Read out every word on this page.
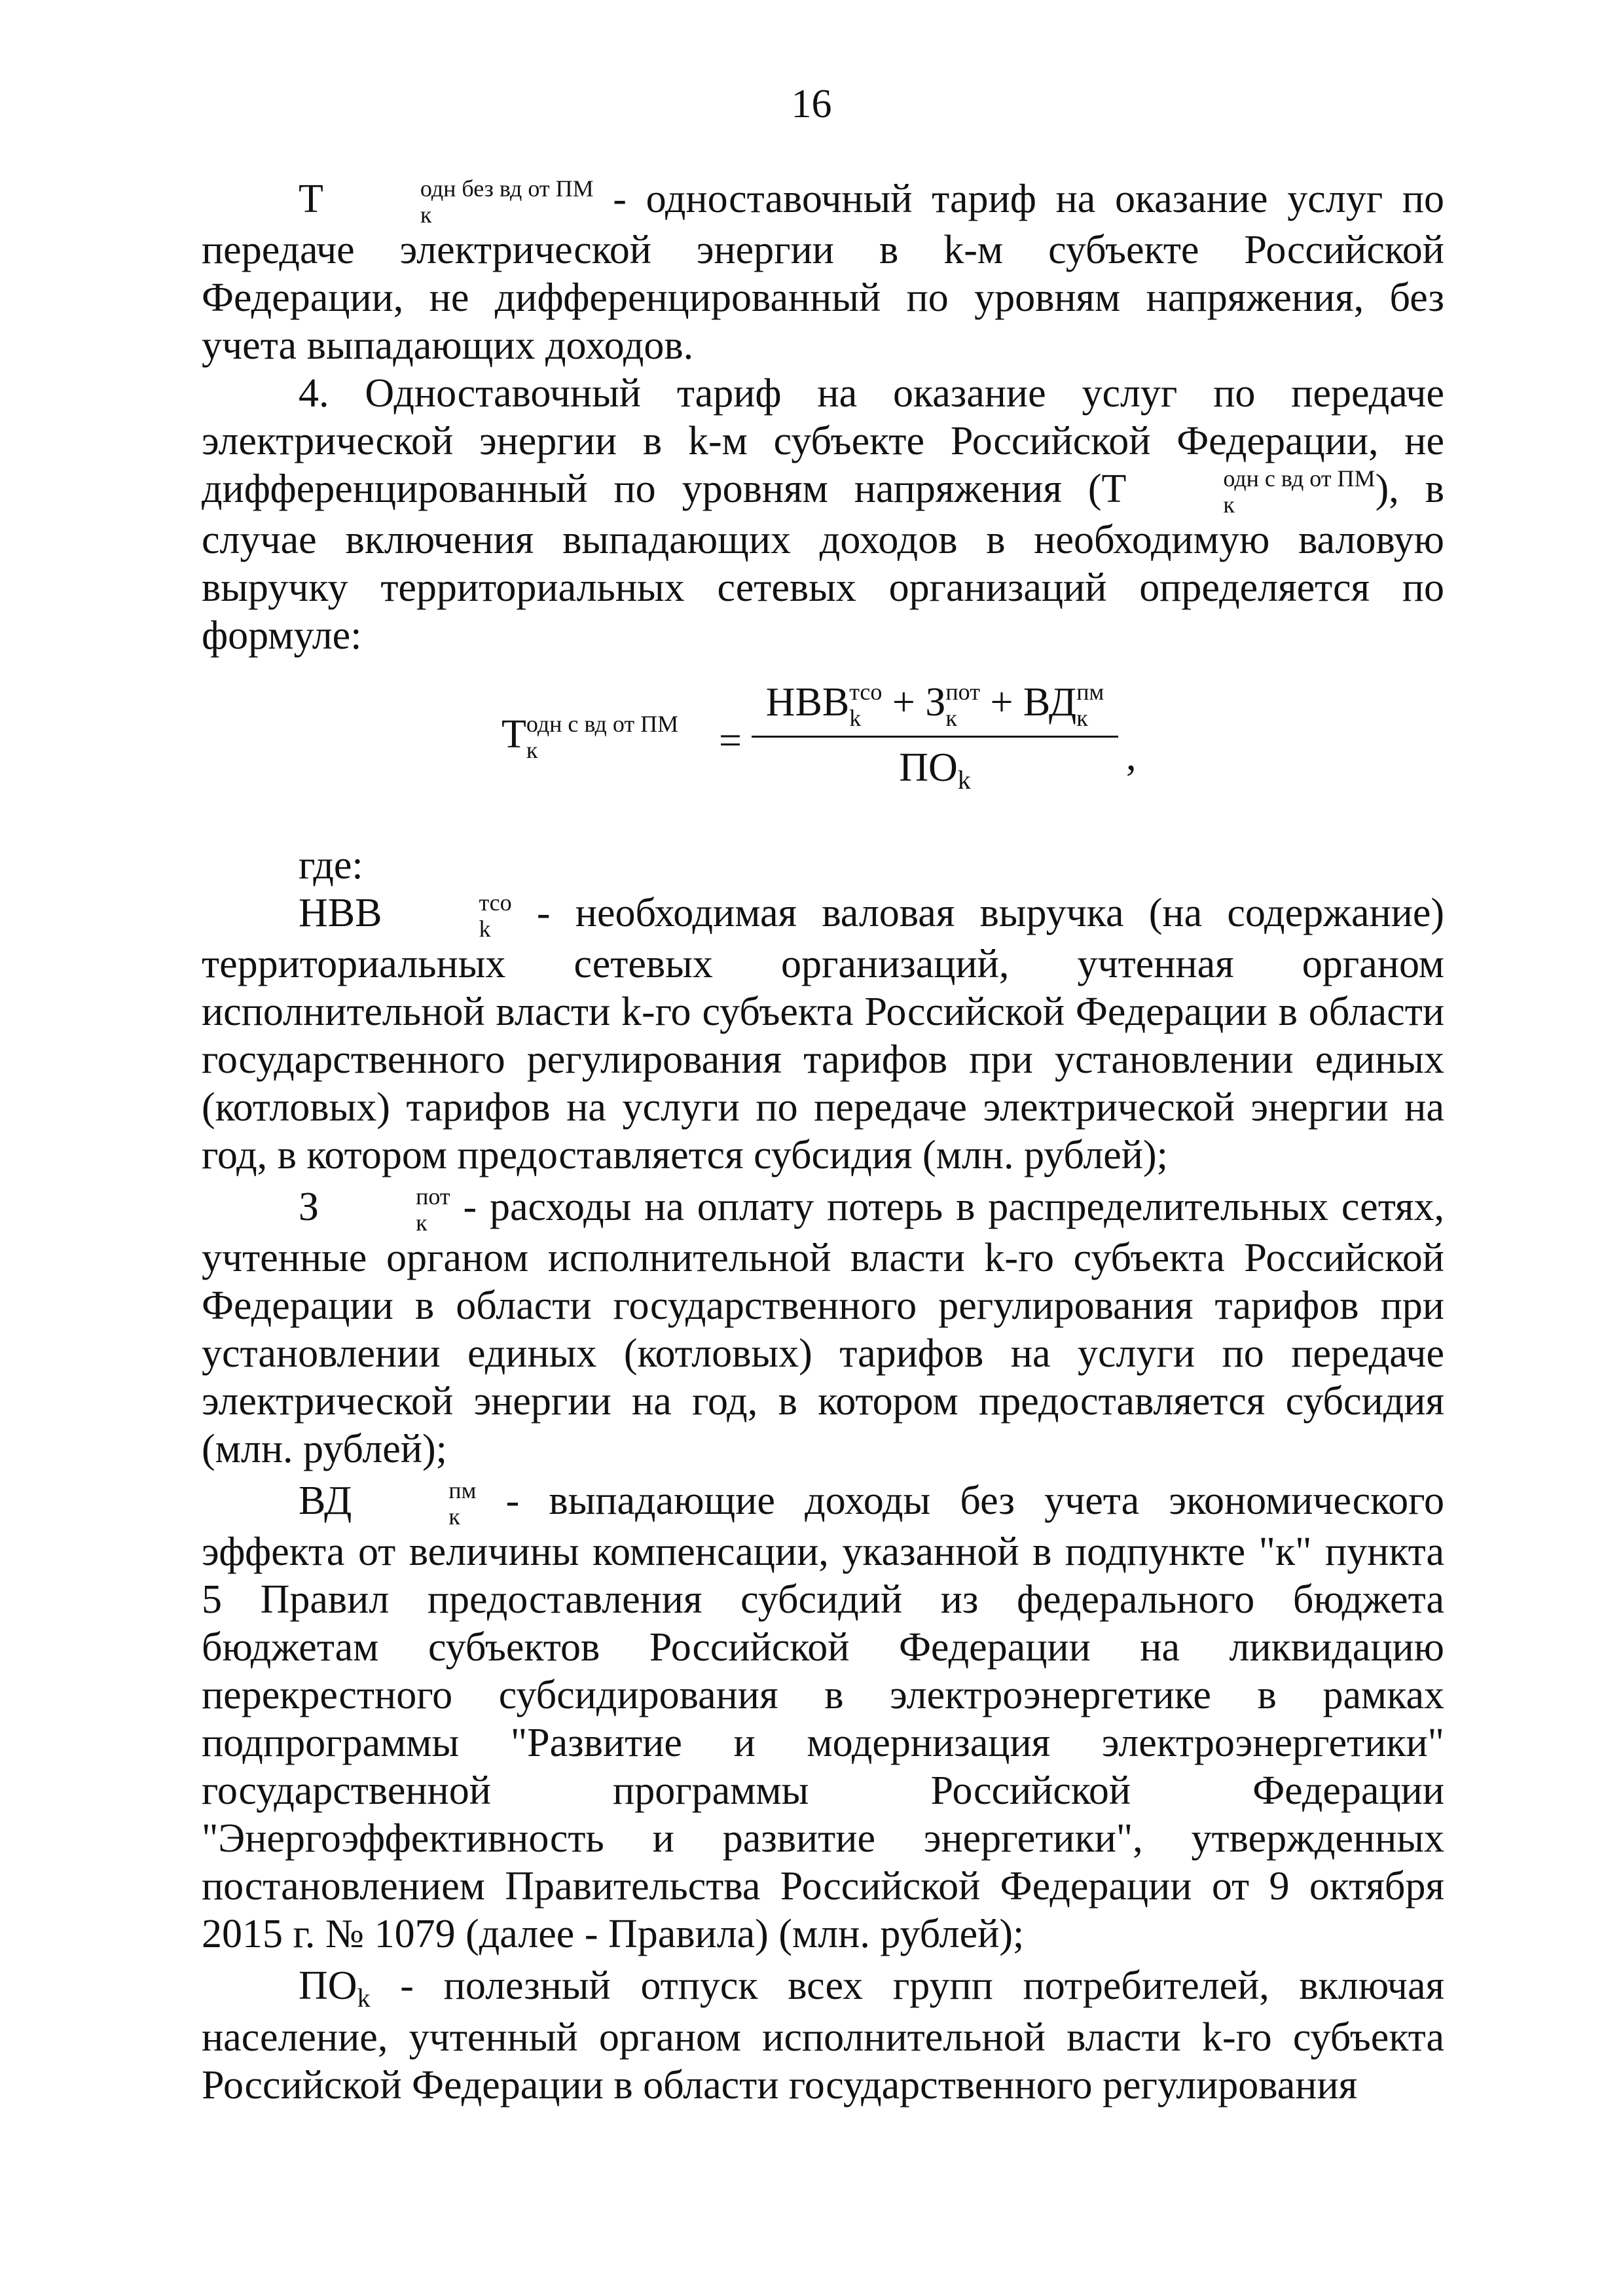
16

Т	одн без вд от ПМ
к	- одноставочный тариф на оказание услуг по передаче электрической энергии в k-м субъекте Российской Федерации, не дифференцированный по уровням напряжения, без учета выпадающих доходов.

4. Одноставочный тариф на оказание услуг по передаче электрической энергии в k-м субъекте Российской Федерации, не дифференцированный по уровням напряжения (Т	одн с вд от ПМ
к	), в случае включения выпадающих доходов в необходимую валовую выручку территориальных сетевых организаций определяется по формуле:

Т одн с вд от ПМ
к	=
НВВ тсо
k + З пот
к + ВД пм
к
ПОk
,

где:

НВВ	тсо
k	- необходимая валовая выручка (на содержание) территориальных сетевых организаций, учтенная органом исполнительной власти k-го субъекта Российской Федерации в области государственного регулирования тарифов при установлении единых (котловых) тарифов на услуги по передаче электрической энергии на год, в котором предоставляется субсидия (млн. рублей);

З	пот
к - расходы на оплату потерь в распределительных сетях, учтенные органом исполнительной власти k-го субъекта Российской Федерации в области государственного регулирования тарифов при установлении единых (котловых) тарифов на услуги по передаче электрической энергии на год, в котором предоставляется субсидия (млн. рублей);

ВД	пм
к	- выпадающие доходы без учета экономического эффекта от величины компенсации, указанной в подпункте "к" пункта 5 Правил предоставления субсидий из федерального бюджета бюджетам субъектов Российской Федерации на ликвидацию перекрестного субсидирования в электроэнергетике в рамках подпрограммы "Развитие и модернизация электроэнергетики" государственной программы Российской Федерации "Энергоэффективность и развитие энергетики", утвержденных постановлением Правительства Российской Федерации от 9 октября 2015 г. № 1079 (далее - Правила) (млн. рублей);

ПОk - полезный отпуск всех групп потребителей, включая население, учтенный органом исполнительной власти k-го субъекта Российской Федерации в области государственного регулирования
